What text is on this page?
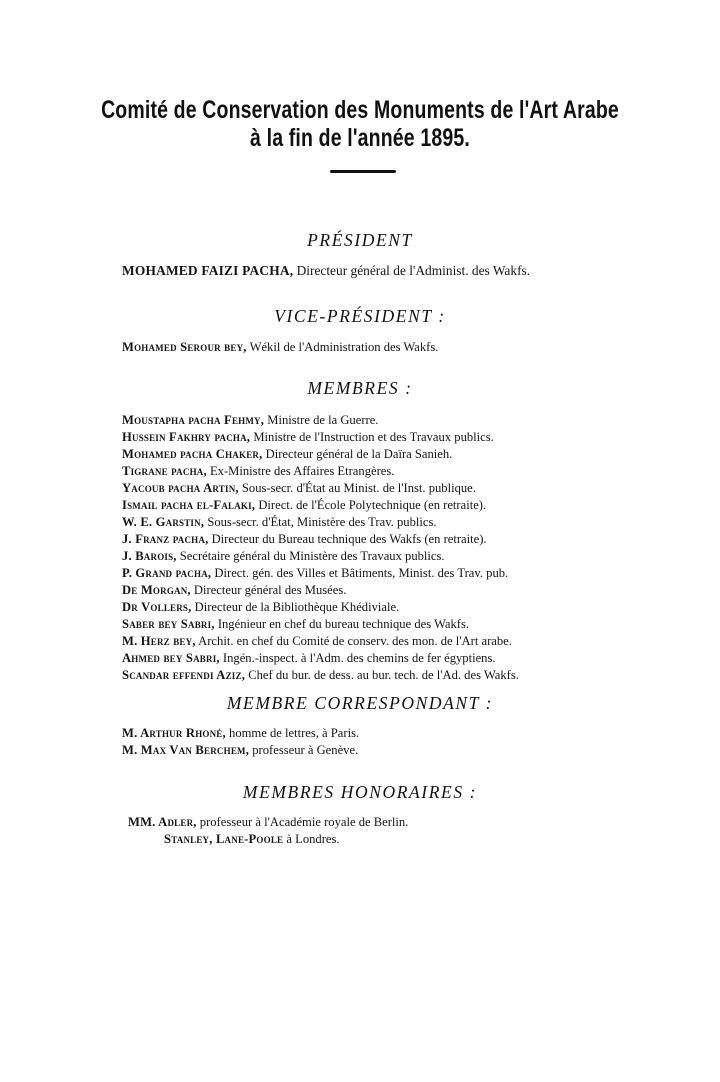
Comité de Conservation des Monuments de l'Art Arabe
à la fin de l'année 1895.
PRÉSIDENT
MOHAMED FAIZI PACHA, Directeur général de l'Administ. des Wakfs.
VICE-PRÉSIDENT :
Mohamed Serour bey, Wékil de l'Administration des Wakfs.
MEMBRES :
Moustapha pacha Fehmy, Ministre de la Guerre.
Hussein Fakhry pacha, Ministre de l'Instruction et des Travaux publics.
Mohamed pacha Chaker, Directeur général de la Daïra Sanieh.
Tigrane pacha, Ex-Ministre des Affaires Etrangères.
Yacoub pacha Artin, Sous-secr. d'État au Minist. de l'Inst. publique.
Ismail pacha el-Falaki, Direct. de l'École Polytechnique (en retraite).
W. E. Garstin, Sous-secr. d'État, Ministère des Trav. publics.
J. Franz pacha, Directeur du Bureau technique des Wakfs (en retraite).
J. Barois, Secrétaire général du Ministère des Travaux publics.
P. Grand pacha, Direct. gén. des Villes et Bâtiments, Minist. des Trav. pub.
De Morgan, Directeur général des Musées.
Dr Vollers, Directeur de la Bibliothèque Khédiviale.
Saber bey Sabri, Ingénieur en chef du bureau technique des Wakfs.
M. Herz bey, Archit. en chef du Comité de conserv. des mon. de l'Art arabe.
Ahmed bey Sabri, Ingén.-inspect. à l'Adm. des chemins de fer égyptiens.
Scandar effendi Aziz, Chef du bur. de dess. au bur. tech. de l'Ad. des Wakfs.
MEMBRE CORRESPONDANT :
M. Arthur Rhoné, homme de lettres, à Paris.
M. Max Van Berchem, professeur à Genève.
MEMBRES HONORAIRES :
MM. Adler, professeur à l'Académie royale de Berlin.
Stanley, Lane-Poole à Londres.
